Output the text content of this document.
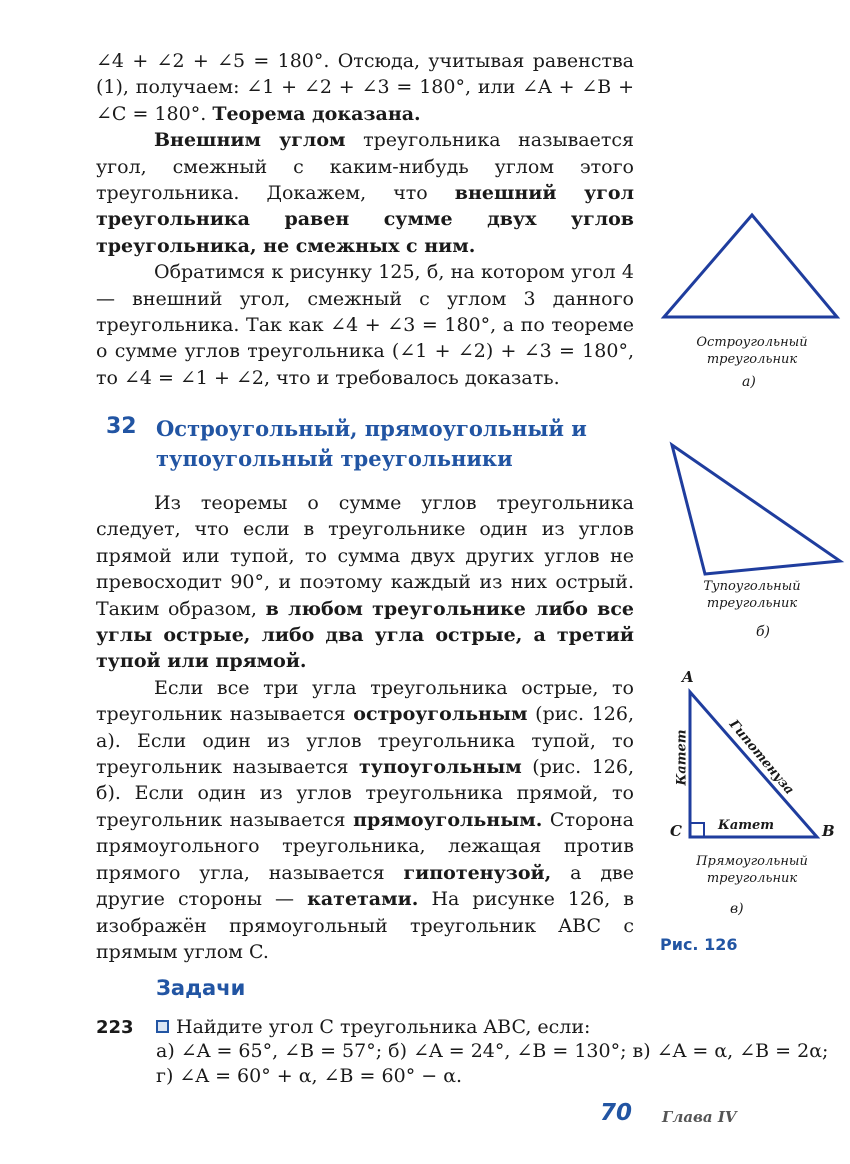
∠4 + ∠2 + ∠5 = 180°. Отсюда, учитывая равенства (1), получаем: ∠1 + ∠2 + ∠3 = 180°, или ∠A + ∠B + ∠C = 180°. Теорема доказана.

Внешним углом треугольника называется угол, смежный с каким-нибудь углом этого треугольника. Докажем, что внешний угол треугольника равен сумме двух углов треугольника, не смежных с ним.

Обратимся к рисунку 125, б, на котором угол 4 — внешний угол, смежный с углом 3 данного треугольника. Так как ∠4 + ∠3 = 180°, а по теореме о сумме углов треугольника (∠1 + ∠2) + ∠3 = 180°, то ∠4 = ∠1 + ∠2, что и требовалось доказать.

32 Остроугольный, прямоугольный и тупоугольный треугольники

Из теоремы о сумме углов треугольника следует, что если в треугольнике один из углов прямой или тупой, то сумма двух других углов не превосходит 90°, и поэтому каждый из них острый. Таким образом, в любом треугольнике либо все углы острые, либо два угла острые, а третий тупой или прямой.

Если все три угла треугольника острые, то треугольник называется остроугольным (рис. 126, а). Если один из углов треугольника тупой, то треугольник называется тупоугольным (рис. 126, б). Если один из углов треугольника прямой, то треугольник называется прямоугольным. Сторона прямоугольного треугольника, лежащая против прямого угла, называется гипотенузой, а две другие стороны — катетами. На рисунке 126, в изображён прямоугольный треугольник ABC с прямым углом C.

Задачи
223 Найдите угол C треугольника ABC, если:
а) ∠A = 65°, ∠B = 57°; б) ∠A = 24°, ∠B = 130°; в) ∠A = α, ∠B = 2α;
г) ∠A = 60° + α, ∠B = 60° − α.
Остроугольный
треугольник
а)
Тупоугольный
треугольник
б)
A
C	B
Катет
Катет
Гипотенуза
Прямоугольный
треугольник
в)
Рис. 126
70 Глава IV
